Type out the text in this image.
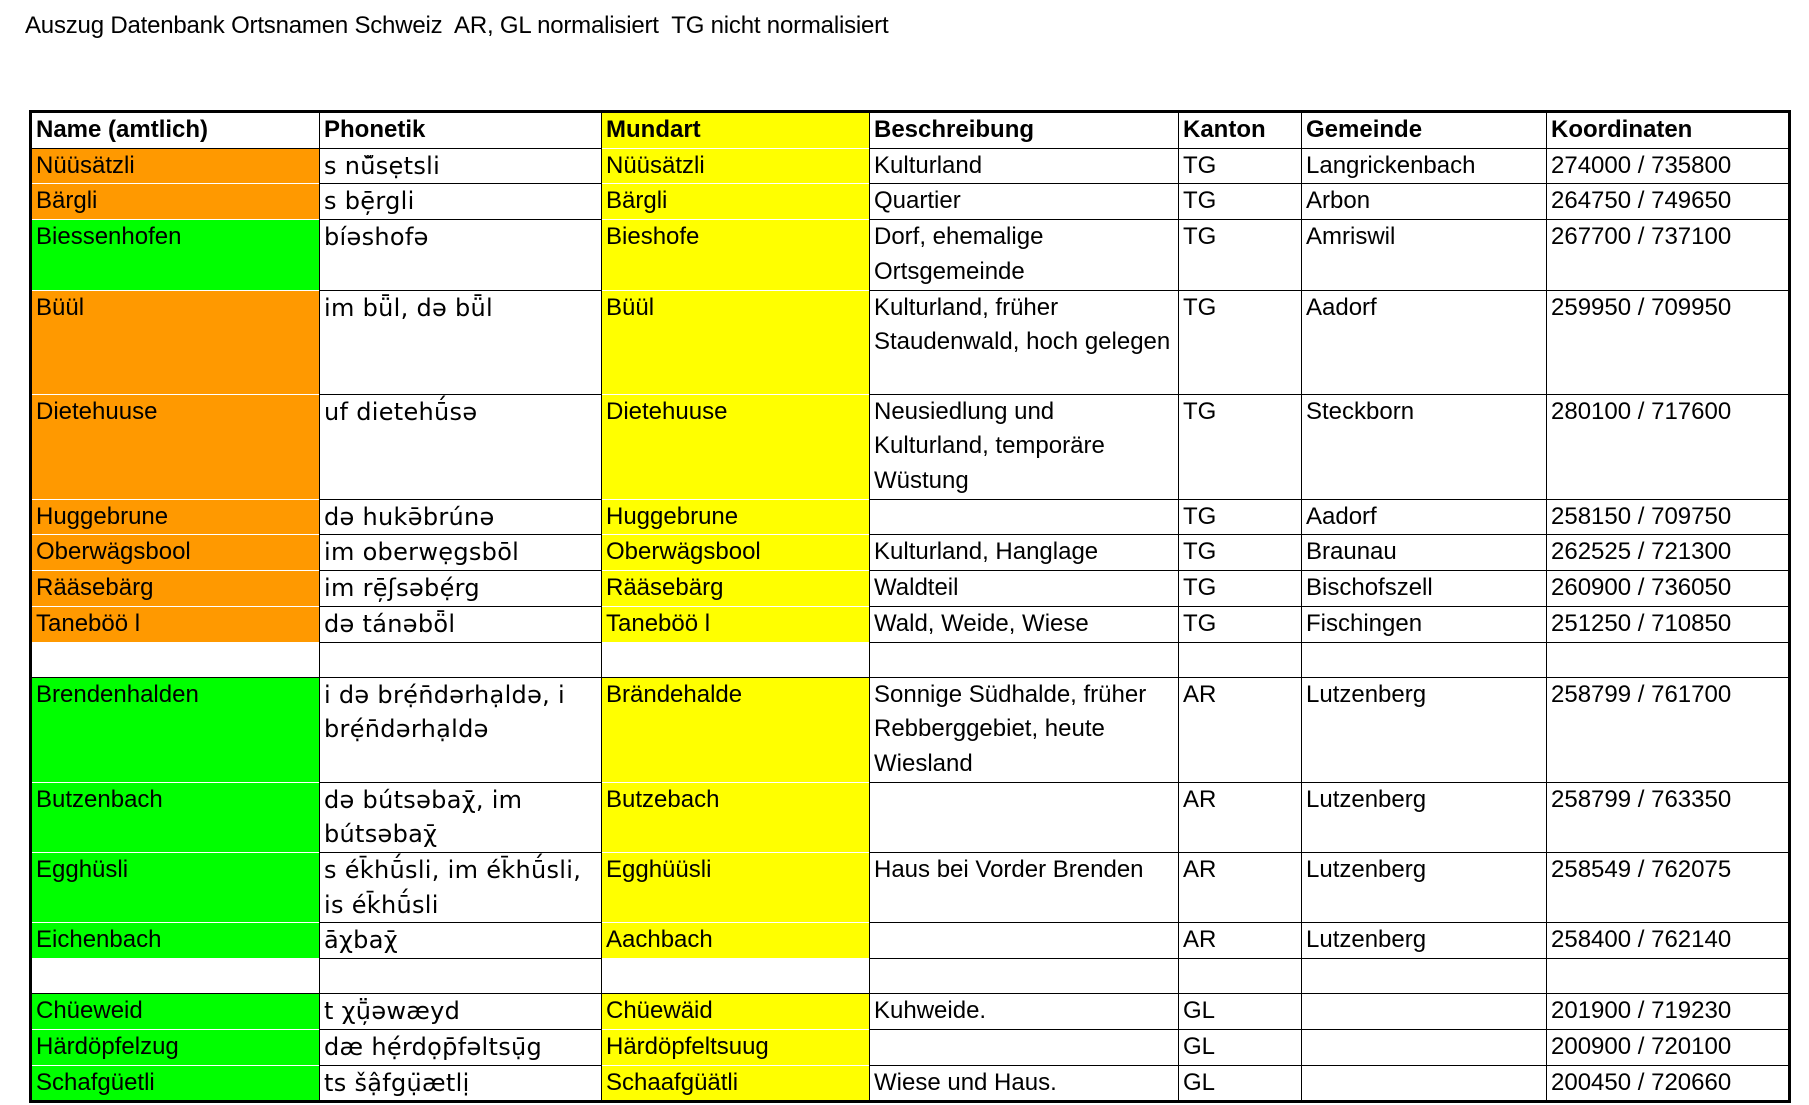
Auszug Datenbank Ortsnamen Schweiz  AR, GL normalisiert  TG nicht normalisiert
Name (amtlich)	Phonetik	Mundart	Beschreibung	Kanton	Gemeinde	Koordinaten
Nüüsätzli	s nŭ̃sẹtsli	Nüüsätzli	Kulturland	TG	Langrickenbach	274000 / 735800
Bärgli	s bē̦rgli	Bärgli	Quartier	TG	Arbon	264750 / 749650
Biessenhofen	bíəshofə	Bieshofe	Dorf, ehemalige Ortsgemeinde	TG	Amriswil	267700 / 737100
Büül	im bǖl, də bǖl	Büül	Kulturland, früher Staudenwald, hoch gelegen	TG	Aadorf	259950 / 709950
Dietehuuse	uf dietehū́sə	Dietehuuse	Neusiedlung und Kulturland, temporäre Wüstung	TG	Steckborn	280100 / 717600
Huggebrune	də hukə̄brúnə	Huggebrune		TG	Aadorf	258150 / 709750
Oberwägsbool	im oberwẹgsbōl	Oberwägsbool	Kulturland, Hanglage	TG	Braunau	262525 / 721300
Rääsebärg	im rē̦ʃsəbẹ́rg	Rääsebärg	Waldteil	TG	Bischofszell	260900 / 736050
Taneböö l	də tánəbȫl	Taneböö l	Wald, Weide, Wiese	TG	Fischingen	251250 / 710850

Brendenhalden	i də brẹ́n̄dərhạldə, i brẹ́n̄dərhạldə	Brändehalde	Sonnige Südhalde, früher Rebberggebiet, heute Wiesland	AR	Lutzenberg	258799 / 761700
Butzenbach	də bútsəbaχ̄, im bútsəbaχ̄	Butzebach		AR	Lutzenberg	258799 / 763350
Egghüsli	s ék̄hū́sli, im ék̄hū́sli, is ék̄hū́sli	Egghüüsli	Haus bei Vorder Brenden	AR	Lutzenberg	258549 / 762075
Eichenbach	āχbaχ̄	Aachbach		AR	Lutzenberg	258400 / 762140

Chüeweid	t χṻ̦əwæyd	Chüewäid	Kuhweide.	GL		201900 / 719230
Härdöpfelzug	dæ hẹ́rdọp̄fəltsụ̄g	Härdöpfeltsuug		GL		200900 / 720100
Schafgüetli	ts šậfgụ̈ætlị	Schaafgüätli	Wiese und Haus.	GL		200450 / 720660
